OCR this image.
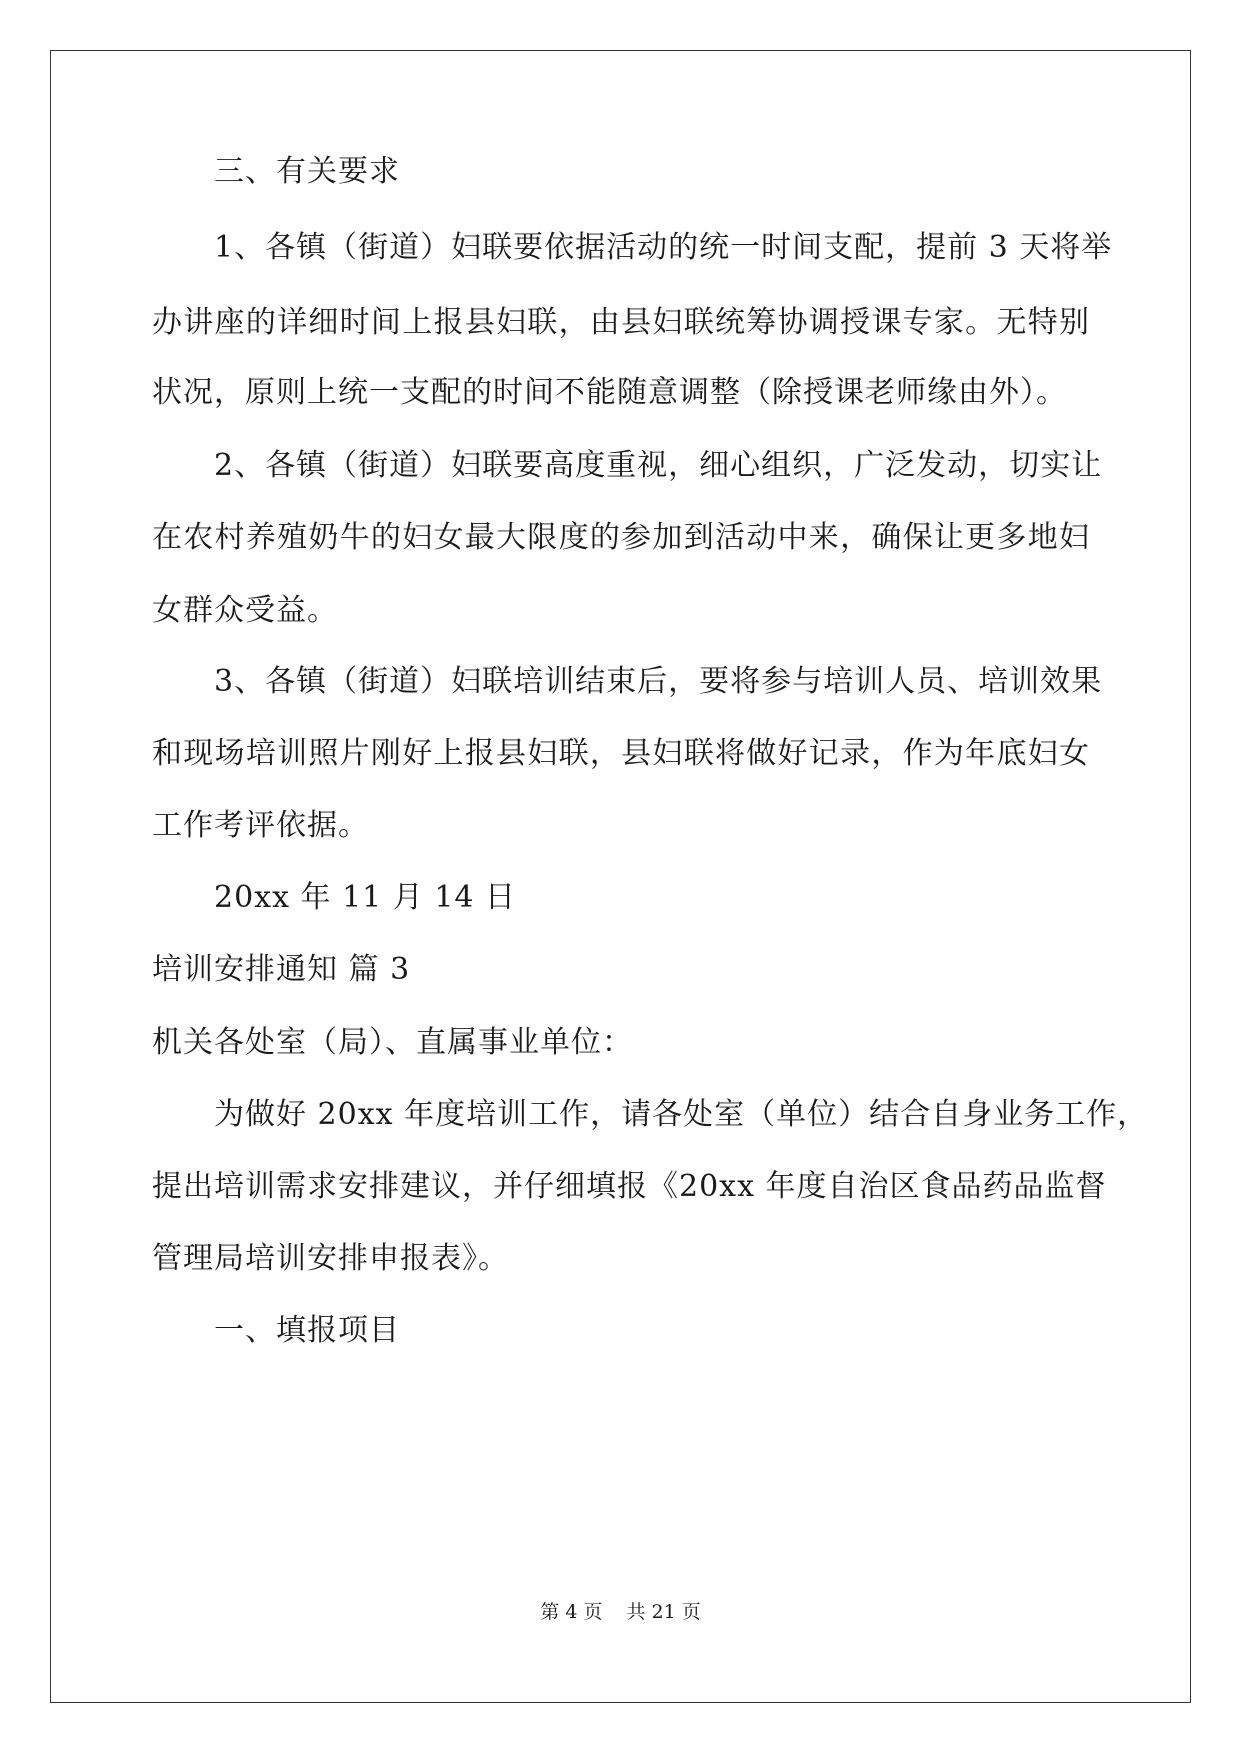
三、有关要求
1、各镇（街道）妇联要依据活动的统一时间支配，提前 3 天将举
办讲座的详细时间上报县妇联，由县妇联统筹协调授课专家。无特别
状况，原则上统一支配的时间不能随意调整（除授课老师缘由外）。
2、各镇（街道）妇联要高度重视，细心组织，广泛发动，切实让
在农村养殖奶牛的妇女最大限度的参加到活动中来，确保让更多地妇
女群众受益。
3、各镇（街道）妇联培训结束后，要将参与培训人员、培训效果
和现场培训照片刚好上报县妇联，县妇联将做好记录，作为年底妇女
工作考评依据。
20xx 年 11 月 14 日
培训安排通知 篇 3
机关各处室（局）、直属事业单位：
为做好 20xx 年度培训工作，请各处室（单位）结合自身业务工作，
提出培训需求安排建议，并仔细填报《20xx 年度自治区食品药品监督
管理局培训安排申报表》。
一、填报项目
第 4 页 共 21 页
